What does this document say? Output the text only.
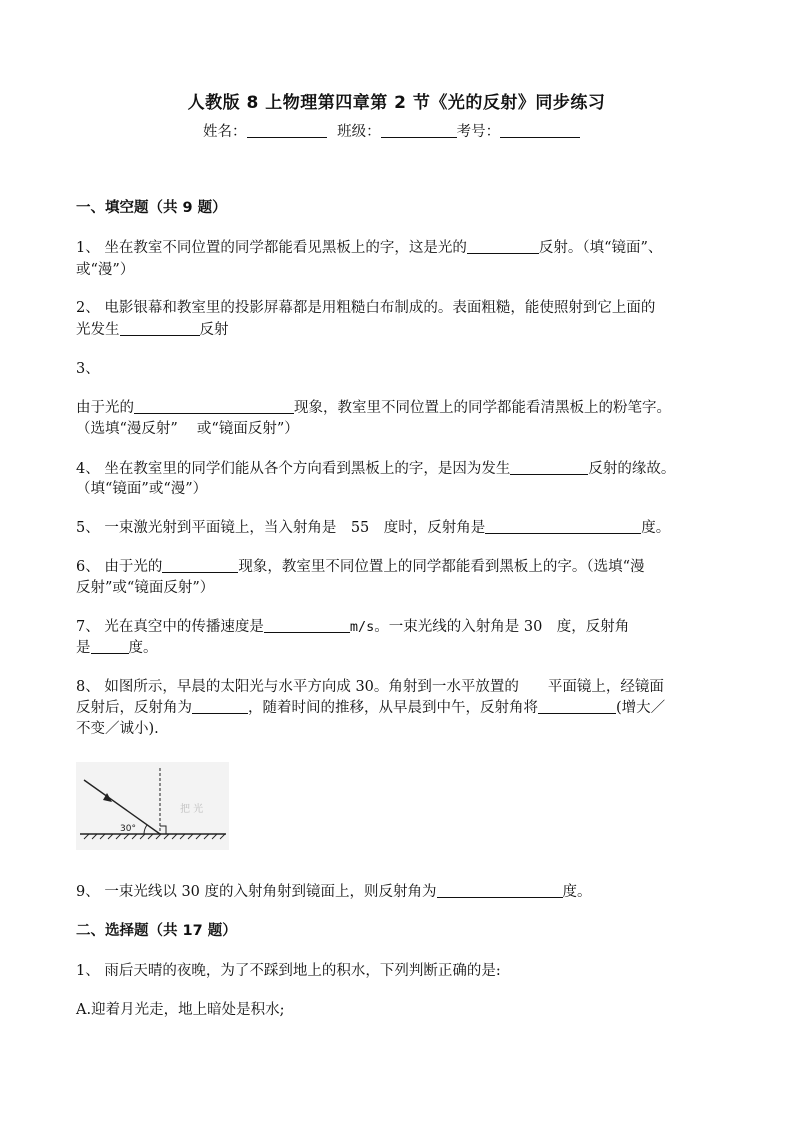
人教版 8 上物理第四章第 2 节《光的反射》同步练习
姓名：	班级：	考号：
一、填空题（共 9 题）
1、 坐在教室不同位置的同学都能看见黑板上的字，这是光的	反射。（填“镜面”、
或“漫”）
2、 电影银幕和教室里的投影屏幕都是用粗糙白布制成的。表面粗糙，能使照射到它上面的
光发生	反射
3、
由于光的	现象，教室里不同位置上的同学都能看清黑板上的粉笔字。
（选填“漫反射”　 或“镜面反射”）
4、 坐在教室里的同学们能从各个方向看到黑板上的字，是因为发生	反射的缘故。
（填“镜面”或“漫”）
5、 一束激光射到平面镜上，当入射角是　55　度时，反射角是	度。
6、 由于光的	现象，教室里不同位置上的同学都能看到黑板上的字。（选填“漫
反射”或“镜面反射”）
7、 光在真空中的传播速度是	m/s。一束光线的入射角是 30　度，反射角
是	度。
8、 如图所示，早晨的太阳光与水平方向成 30。角射到一水平放置的　　平面镜上，经镜面
反射后，反射角为	，随着时间的推移，从早晨到中午，反射角将	(增大／
不变／诚小).
把 光
30°
9、 一束光线以 30 度的入射角射到镜面上，则反射角为	度。
二、选择题（共 17 题）
1、 雨后天晴的夜晚，为了不踩到地上的积水，下列判断正确的是:
A.迎着月光走，地上暗处是积水;
